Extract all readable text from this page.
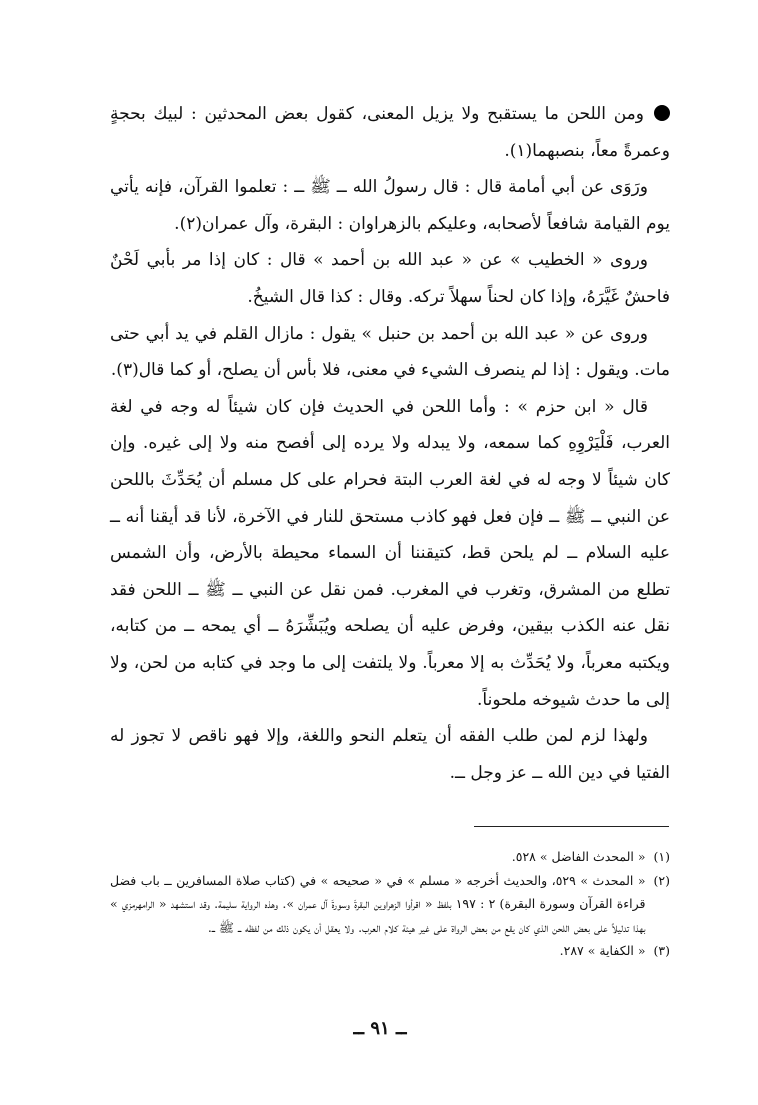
ومن اللحن ما يستقبح ولا يزيل المعنى، كقول بعض المحدثين : لبيك بحجةٍ وعمرةً معاً، بنصبهما(١).

ورَوَى عن أبي أمامة قال : قال رسولُ الله ــ ﷺ ــ : تعلموا القرآن، فإنه يأتي يوم القيامة شافعاً لأصحابه، وعليكم بالزهراوان : البقرة، وآل عمران(٢).

وروى « الخطيب » عن « عبد الله بن أحمد » قال : كان إذا مر بأبي لَحْنٌ فاحشٌ غَيَّرَهُ، وإذا كان لحناً سهلاً تركه. وقال : كذا قال الشيخُ.

وروى عن « عبد الله بن أحمد بن حنبل » يقول : مازال القلم في يد أبي حتى مات. ويقول : إذا لم ينصرف الشيء في معنى، فلا بأس أن يصلح، أو كما قال(٣).

قال « ابن حزم » : وأما اللحن في الحديث فإن كان شيئاً له وجه في لغة العرب، فَلْيَرْوِهِ كما سمعه، ولا يبدله ولا يرده إلى أفصح منه ولا إلى غيره. وإن كان شيئاً لا وجه له في لغة العرب البتة فحرام على كل مسلم أن يُحَدِّثَ باللحن عن النبي ــ ﷺ ــ فإن فعل فهو كاذب مستحق للنار في الآخرة، لأنا قد أيقنا أنه ــ عليه السلام ــ لم يلحن قط، كتيقننا أن السماء محيطة بالأرض، وأن الشمس تطلع من المشرق، وتغرب في المغرب. فمن نقل عن النبي ــ ﷺ ــ اللحن فقد نقل عنه الكذب بيقين، وفرض عليه أن يصلحه ويُبَشِّرَهُ ــ أي يمحه ــ من كتابه، ويكتبه معرباً، ولا يُحَدِّث به إلا معرباً. ولا يلتفت إلى ما وجد في كتابه من لحن، ولا إلى ما حدث شيوخه ملحوناً.

ولهذا لزم لمن طلب الفقه أن يتعلم النحو واللغة، وإلا فهو ناقص لا تجوز له الفتيا في دين الله ــ عز وجل ــ.

(١)
« المحدث الفاضل » ٥٢٨.
(٢)
« المحدث » ٥٢٩، والحديث أخرجه « مسلم » في « صحيحه » في (كتاب صلاة المسافرين ــ باب فضل قراءة القرآن وسورة البقرة) ٢ : ١٩٧ بلفظ « اقرأوا الزهراوين البقرةَ وسورةَ آل عمران ». وهذه الرواية سليمة. وقد استشهد « الرامهرمزي » بهذا تدليلاً على بعض اللحن الذي كان يقع من بعض الرواة على غير هيئة كلام العرب. ولا يعقل أن يكون ذلك من لفظه ــ ﷺ ــ.
(٣)
« الكفاية » ٢٨٧.
ــ ٩١ ــ
